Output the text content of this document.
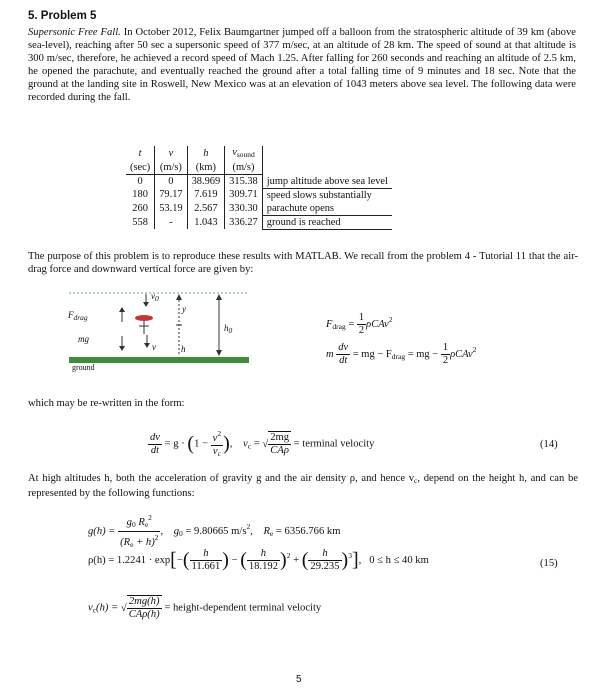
5. Problem 5
Supersonic Free Fall. In October 2012, Felix Baumgartner jumped off a balloon from the stratospheric altitude of 39 km (above sea-level), reaching after 50 sec a supersonic speed of 377 m/sec, at an altitude of 28 km. The speed of sound at that altitude is 300 m/sec, therefore, he achieved a record speed of Mach 1.25. After falling for 260 seconds and reaching an altitude of 2.5 km, he opened the parachute, and eventually reached the ground after a total falling time of 9 minutes and 18 sec. Note that the ground at the landing site in Roswell, New Mexico was at an elevation of 1043 meters above sea level. The following data were recorded during the fall.
t	v	h	$v_{sound}$	
(sec)	(m/s)	(km)	(m/s)	
0	0	38.969	315.38	jump altitude above sea level
180	79.17	7.619	309.71	speed slows substantially
260	53.19	2.567	330.30	parachute opens
558	-	1.043	336.27	ground is reached
The purpose of this problem is to reproduce these results with MATLAB. We recall from the problem 4 - Tutorial 11 that the air-drag force and downward vertical force are given by:
$F_{drag}$
mg
$v_0$
y
$h_0$
v	h
ground
$F_{drag} = \frac{1}{2} \rho CAv^2$
m $\frac{dv}{dt}$ = mg − $F_{drag}$ = mg − $\frac{1}{2} \rho CAv^2$
which may be re-written in the form:
$\frac{dv}{dt} = g \cdot (1 - \frac{v^2}{v_c}$ ),    $v_c$ = √ $\frac{2mg}{\text{CAρ}}$ = terminal velocity	(14)
At high altitudes h, both the acceleration of gravity g and the air density ρ, and hence $v_c$, depend on the height h, and can be represented by the following functions:
$g(h) = \frac{g_0 R_e^2}{(R_e + h)^2}$ ,    $g_0 = 9.80665$ $m/s^2$,    $R_e = 6356.766$ km
$\rho(h) = 1.2241 \cdot \exp[-( \frac{h}{11.661}$ ) − ( $\frac{h}{18.192} )^2$ + ( $\frac{h}{29.235} )^3$],   0 ≤ h ≤ 40 km	(15)
$v_c(h)$ = √ $\frac{2mg(h)}{\text{CAρ(h)}}$ = height-dependent terminal velocity
5
